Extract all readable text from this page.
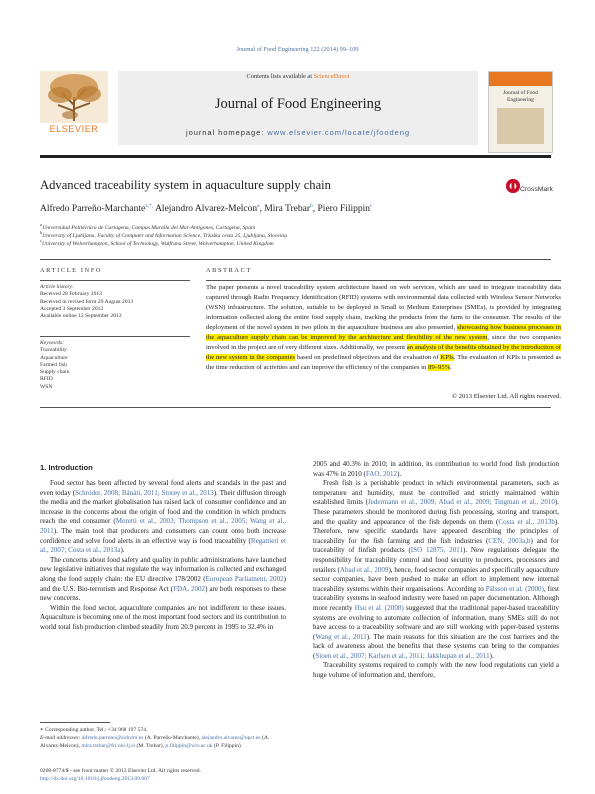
Journal of Food Engineering 122 (2014) 99–109
ELSEVIER
Contents lists available at ScienceDirect
Journal of Food Engineering
journal homepage: www.elsevier.com/locate/jfoodeng
Journal of Food Engineering
Advanced traceability system in aquaculture supply chain	CrossMark
Alfredo Parreño-Marchante$^{a,*,}$ Alejandro Alvarez-Melcon$^a$, Mira Trebar$^b$, Piero Filippin$^c$
$^a$Universidad Politécnica de Cartagena, Campus Muralla del Mar-Antigones, Cartagena, Spain
$^b$University of Ljubljana, Faculty of Computer and Information Science, Tržaška cesta 25, Ljubljana, Slovenia
$^c$University of Wolverhampton, School of Technology, Wulfruna Street, Wolverhampton, United Kingdom
ARTICLE INFO
Article history:
Received 28 February 2013
Received in revised form 29 August 2013
Accepted 3 September 2013
Available online 12 September 2013
Keywords:
Traceability
Aquaculture
Farmed fish
Supply chain
RFID
WSN
ABSTRACT
The paper presents a novel traceability system architecture based on web services, which are used to integrate traceability data captured through Radio Frequency Identification (RFID) systems with environmental data collected with Wireless Sensor Networks (WSN) infrastructure. The solution, suitable to be deployed in Small to Medium Enterprises (SMEs), is provided by integrating information collected along the entire food supply chain, tracking the products from the farm to the consumer. The results of the deployment of the novel system in two pilots in the aquaculture business are also presented, showcasing how business processes in the aquaculture supply chain can be improved by the architecture and flexibility of the new system, since the two companies involved in the project are of very different sizes. Additionally, we present an analysis of the benefits obtained by the introduction of the new system in the companies based on predefined objectives and the evaluation of KPIs. The evaluation of KPIs is presented as the time reduction of activities and can improve the efficiency of the companies in 89–95%.
© 2013 Elsevier Ltd. All rights reserved.
1. Introduction

Food sector has been affected by several food alerts and scandals in the past and even today (Schröder, 2008; Bánáti, 2011; Storøy et al., 2013). Their diffusion through the media and the market globalisation has raised lack of consumer confidence and an increase in the concerns about the origin of food and the condition in which products reach the end consumer (Moretti et al., 2003; Thompson et al., 2005; Wang et al., 2011). The main tool that producers and consumers can count onto both increase confidence and solve food alerts in an effective way is food traceability (Regattieri et al., 2007; Costa et al., 2013a).

The concerns about food safety and quality in public administrations have launched new legislative initiatives that regulate the way information is collected and exchanged along the food supply chain: the EU directive 178/2002 (European Parliament, 2002) and the U.S. Bio-terrorism and Response Act (FDA, 2002) are both responses to these new concerns.

Within the food sector, aquaculture companies are not indifferent to these issues. Aquaculture is becoming one of the most important food sectors and its contribution to world total fish production climbed steadily from 20.9 percent in 1995 to 32.4% in

2005 and 40.3% in 2010; in addition, its contribution to world food fish production was 47% in 2010 (FAO, 2012).

Fresh fish is a perishable product in which environmental parameters, such as temperature and humidity, must be controlled and strictly maintained within established limits (Jedermann et al., 2009; Abad et al., 2009; Tingman et al., 2010). These parameters should be monitored during fish processing, storing and transport, and the quality and appearance of the fish depends on them (Costa et al., 2013b). Therefore, new specific standards have appeared describing the principles of traceability for the fish farming and the fish industries (CEN, 2003a,b) and for traceability of finfish products (ISO 12875, 2011). New regulations delegate the responsibility for traceability control and food security to producers, processors and retailers (Abad et al., 2009), hence, food sector companies and specifically aquaculture sector companies, have been pushed to make an effort to implement new internal traceability systems within their organisations. According to Pálsson et al. (2000), first traceability systems in seafood industry were based on paper documentation. Although more recently Hsu et al. (2008) suggested that the traditional paper-based traceability systems are evolving to automate collection of information, many SMEs still do not have access to a traceability software and are still working with paper-based systems (Wang et al., 2011). The main reasons for this situation are the cost barriers and the lack of awareness about the benefits that these systems can bring to the companies (Sioen et al., 2007; Karlsen et al., 2011; Jakkhupan et al., 2011).

Traceability systems required to comply with the new food regulations can yield a huge volume of information and, therefore,

∗ Corresponding author. Tel.: +34 968 197 574.
E-mail addresses: alfredo.parreno@sidcom.es (A. Parreño-Marchante), alejandro.alvarez@upct.es (A. Alvarez-Melcon), mira.trebar@fri.uni-lj.si (M. Trebar), p.filippin@wlv.ac.uk (P. Filippin).
0260-8774/$ - see front matter © 2013 Elsevier Ltd. All rights reserved.
http://dx.doi.org/10.1016/j.jfoodeng.2013.09.007
